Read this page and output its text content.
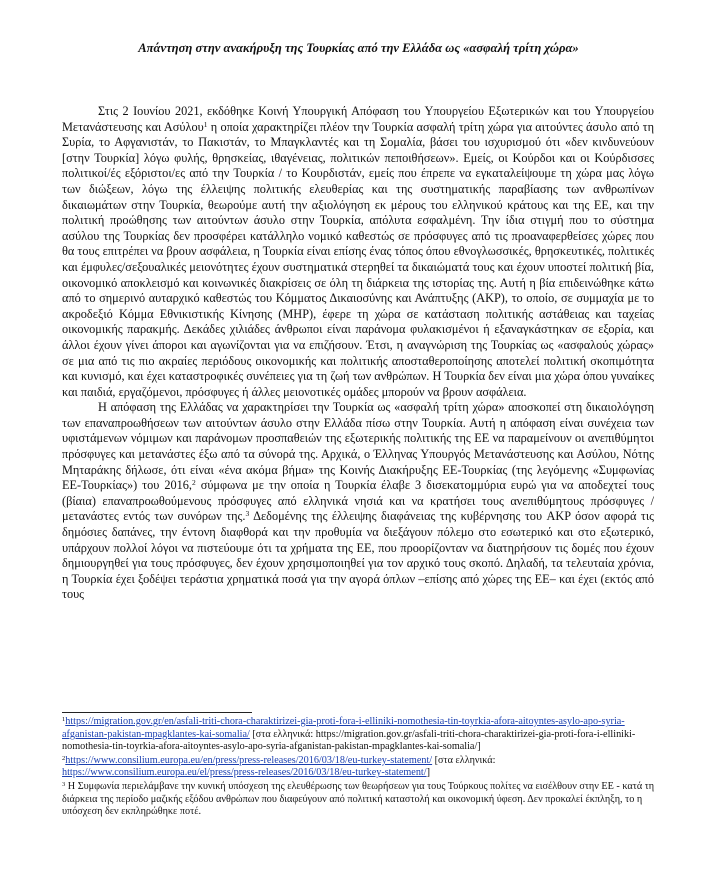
Απάντηση στην ανακήρυξη της Τουρκίας από την Ελλάδα ως «ασφαλή τρίτη χώρα»

Στις 2 Ιουνίου 2021, εκδόθηκε Κοινή Υπουργική Απόφαση του Υπουργείου Εξωτερικών και του Υπουργείου Μετανάστευσης και Ασύλου$^1$ η οποία χαρακτηρίζει πλέον την Τουρκία ασφαλή τρίτη χώρα για αιτούντες άσυλο από τη Συρία, το Αφγανιστάν, το Πακιστάν, το Μπαγκλαντές και τη Σομαλία, βάσει του ισχυρισμού ότι «δεν κινδυνεύουν [στην Τουρκία] λόγω φυλής, θρησκείας, ιθαγένειας, πολιτικών πεποιθήσεων». Εμείς, οι Κούρδοι και οι Κούρδισσες πολιτικοί/ές εξόριστοι/ες από την Τουρκία / το Κουρδιστάν, εμείς που έπρεπε να εγκαταλείψουμε τη χώρα μας λόγω των διώξεων, λόγω της έλλειψης πολιτικής ελευθερίας και της συστηματικής παραβίασης των ανθρωπίνων δικαιωμάτων στην Τουρκία, θεωρούμε αυτή την αξιολόγηση εκ μέρους του ελληνικού κράτους και της ΕΕ, και την πολιτική προώθησης των αιτούντων άσυλο στην Τουρκία, απόλυτα εσφαλμένη. Την ίδια στιγμή που το σύστημα ασύλου της Τουρκίας δεν προσφέρει κατάλληλο νομικό καθεστώς σε πρόσφυγες από τις προαναφερθείσες χώρες που θα τους επιτρέπει να βρουν ασφάλεια, η Τουρκία είναι επίσης ένας τόπος όπου εθνογλωσσικές, θρησκευτικές, πολιτικές και έμφυλες/σεξουαλικές μειονότητες έχουν συστηματικά στερηθεί τα δικαιώματά τους και έχουν υποστεί πολιτική βία, οικονομικό αποκλεισμό και κοινωνικές διακρίσεις σε όλη τη διάρκεια της ιστορίας της. Αυτή η βία επιδεινώθηκε κάτω από το σημερινό αυταρχικό καθεστώς του Κόμματος Δικαιοσύνης και Ανάπτυξης (AKP), το οποίο, σε συμμαχία με το ακροδεξιό Κόμμα Εθνικιστικής Κίνησης (MHP), έφερε τη χώρα σε κατάσταση πολιτικής αστάθειας και ταχείας οικονομικής παρακμής. Δεκάδες χιλιάδες άνθρωποι είναι παράνομα φυλακισμένοι ή εξαναγκάστηκαν σε εξορία, και άλλοι έχουν γίνει άποροι και αγωνίζονται για να επιζήσουν. Έτσι, η αναγνώριση της Τουρκίας ως «ασφαλούς χώρας» σε μια από τις πιο ακραίες περιόδους οικονομικής και πολιτικής αποσταθεροποίησης αποτελεί πολιτική σκοπιμότητα και κυνισμό, και έχει καταστροφικές συνέπειες για τη ζωή των ανθρώπων. Η Τουρκία δεν είναι μια χώρα όπου γυναίκες και παιδιά, εργαζόμενοι, πρόσφυγες ή άλλες μειονοτικές ομάδες μπορούν να βρουν ασφάλεια.

Η απόφαση της Ελλάδας να χαρακτηρίσει την Τουρκία ως «ασφαλή τρίτη χώρα» αποσκοπεί στη δικαιολόγηση των επαναπροωθήσεων των αιτούντων άσυλο στην Ελλάδα πίσω στην Τουρκία. Αυτή η απόφαση είναι συνέχεια των υφιστάμενων νόμιμων και παράνομων προσπαθειών της εξωτερικής πολιτικής της ΕΕ να παραμείνουν οι ανεπιθύμητοι πρόσφυγες και μετανάστες έξω από τα σύνορά της. Αρχικά, ο Έλληνας Υπουργός Μετανάστευσης και Ασύλου, Νότης Μηταράκης δήλωσε, ότι είναι «ένα ακόμα βήμα» της Κοινής Διακήρυξης ΕΕ-Τουρκίας (της λεγόμενης «Συμφωνίας ΕΕ-Τουρκίας») του 2016,$^2$ σύμφωνα με την οποία η Τουρκία έλαβε 3 δισεκατομμύρια ευρώ για να αποδεχτεί τους (βίαια) επαναπροωθούμενους πρόσφυγες από ελληνικά νησιά και να κρατήσει τους ανεπιθύμητους πρόσφυγες / μετανάστες εντός των συνόρων της.$^3$ Δεδομένης της έλλειψης διαφάνειας της κυβέρνησης του AKP όσον αφορά τις δημόσιες δαπάνες, την έντονη διαφθορά και την προθυμία να διεξάγουν πόλεμο στο εσωτερικό και στο εξωτερικό, υπάρχουν πολλοί λόγοι να πιστεύουμε ότι τα χρήματα της ΕΕ, που προορίζονταν να διατηρήσουν τις δομές που έχουν δημιουργηθεί για τους πρόσφυγες, δεν έχουν χρησιμοποιηθεί για τον αρχικό τους σκοπό. Δηλαδή, τα τελευταία χρόνια, η Τουρκία έχει ξοδέψει τεράστια χρηματικά ποσά για την αγορά όπλων –επίσης από χώρες της ΕΕ– και έχει (εκτός από τους

$^1$https://migration.gov.gr/en/asfali-triti-chora-charaktirizei-gia-proti-fora-i-elliniki-nomothesia-tin-toyrkia-afora-aitoyntes-asylo-apo-syria-afganistan-pakistan-mpagklantes-kai-somalia/ [στα ελληνικά: https://migration.gov.gr/asfali-triti-chora-charaktirizei-gia-proti-fora-i-elliniki-nomothesia-tin-toyrkia-afora-aitoyntes-asylo-apo-syria-afganistan-pakistan-mpagklantes-kai-somalia/]
$^2$https://www.consilium.europa.eu/en/press/press-releases/2016/03/18/eu-turkey-statement/ [στα ελληνικά:
https://www.consilium.europa.eu/el/press/press-releases/2016/03/18/eu-turkey-statement/]
$^3$ Η Συμφωνία περιελάμβανε την κυνική υπόσχεση της ελευθέρωσης των θεωρήσεων για τους Τούρκους πολίτες να εισέλθουν στην ΕΕ - κατά τη διάρκεια της περίοδο μαζικής εξόδου ανθρώπων που διαφεύγουν από πολιτική καταστολή και οικονομική ύφεση. Δεν προκαλεί έκπληξη, το η υπόσχεση δεν εκπληρώθηκε ποτέ.
